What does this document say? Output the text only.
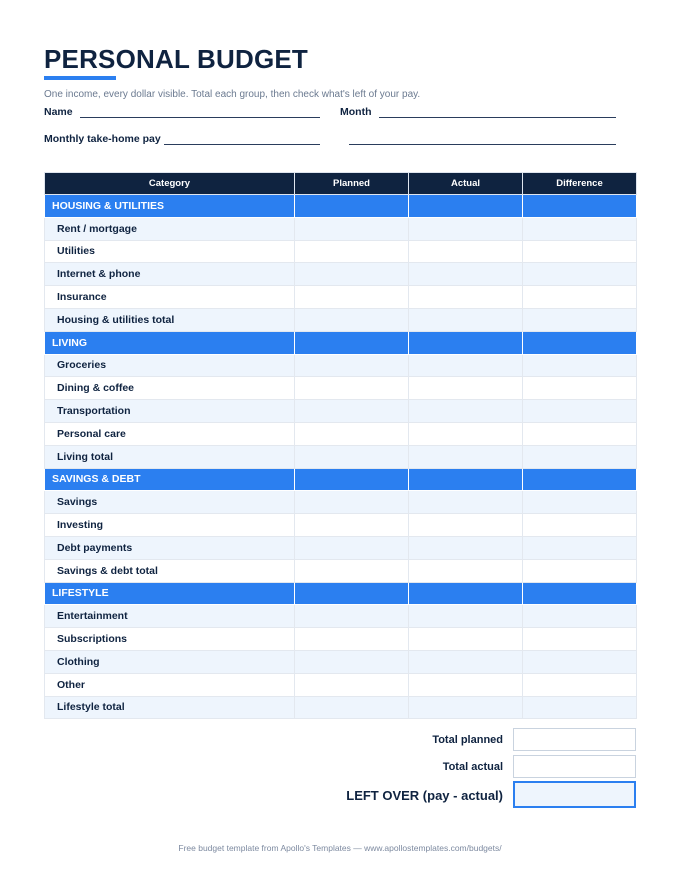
PERSONAL BUDGET
One income, every dollar visible. Total each group, then check what's left of your pay.
Name	Month
Monthly take-home pay
Category	Planned	Actual	Difference
HOUSING & UTILITIES			
Rent / mortgage			
Utilities			
Internet & phone			
Insurance			
Housing & utilities total			
LIVING			
Groceries			
Dining & coffee			
Transportation			
Personal care			
Living total			
SAVINGS & DEBT			
Savings			
Investing			
Debt payments			
Savings & debt total			
LIFESTYLE			
Entertainment			
Subscriptions			
Clothing			
Other			
Lifestyle total			
Total planned
Total actual
LEFT OVER (pay - actual)
Free budget template from Apollo's Templates — www.apollostemplates.com/budgets/
